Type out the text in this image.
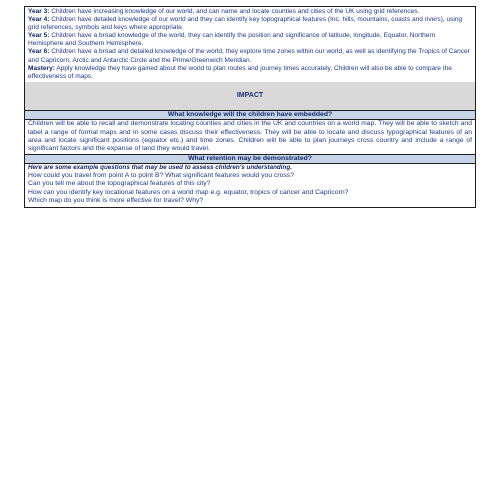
Year 3: Children have increasing knowledge of our world, and can name and locate counties and cities of the UK using grid references.
Year 4: Children have detailed knowledge of our world and they can identify key topographical features (Inc. hills, mountains, coasts and rivers), using grid references, symbols and keys where appropriate.
Year 5: Children have a broad knowledge of the world, they can identify the position and significance of latitude, longitude, Equator, Northern Hemisphere and Southern Hemisphere.
Year 6: Children have a broad and detailed knowledge of the world, they explore time zones within our world, as well as identifying the Tropics of Cancer and Capricorn, Arctic and Antarctic Circle and the Prime/Greenwich Meridian.
Mastery: Apply knowledge they have gained about the world to plan routes and journey times accurately. Children will also be able to compare the effectiveness of maps.
IMPACT
What knowledge will the children have embedded?
Children will be able to recall and demonstrate locating counties and cities in the UK and countries on a world map. They will be able to sketch and label a range of formal maps and in some cases discuss their effectiveness. They will be able to locate and discuss typographical features of an area and locate significant positions (equator etc.) and time zones. Children will be able to plan journeys cross country and include a range of significant factors and the expanse of land they would travel.
What retention may be demonstrated?
Here are some example questions that may be used to assess children's understanding.
How could you travel from point A to point B? What significant features would you cross?
Can you tell me about the topographical features of this city?
How can you identify key locational features on a world map e.g. equator, tropics of cancer and Capricorn?
Which map do you think is more effective for travel? Why?
